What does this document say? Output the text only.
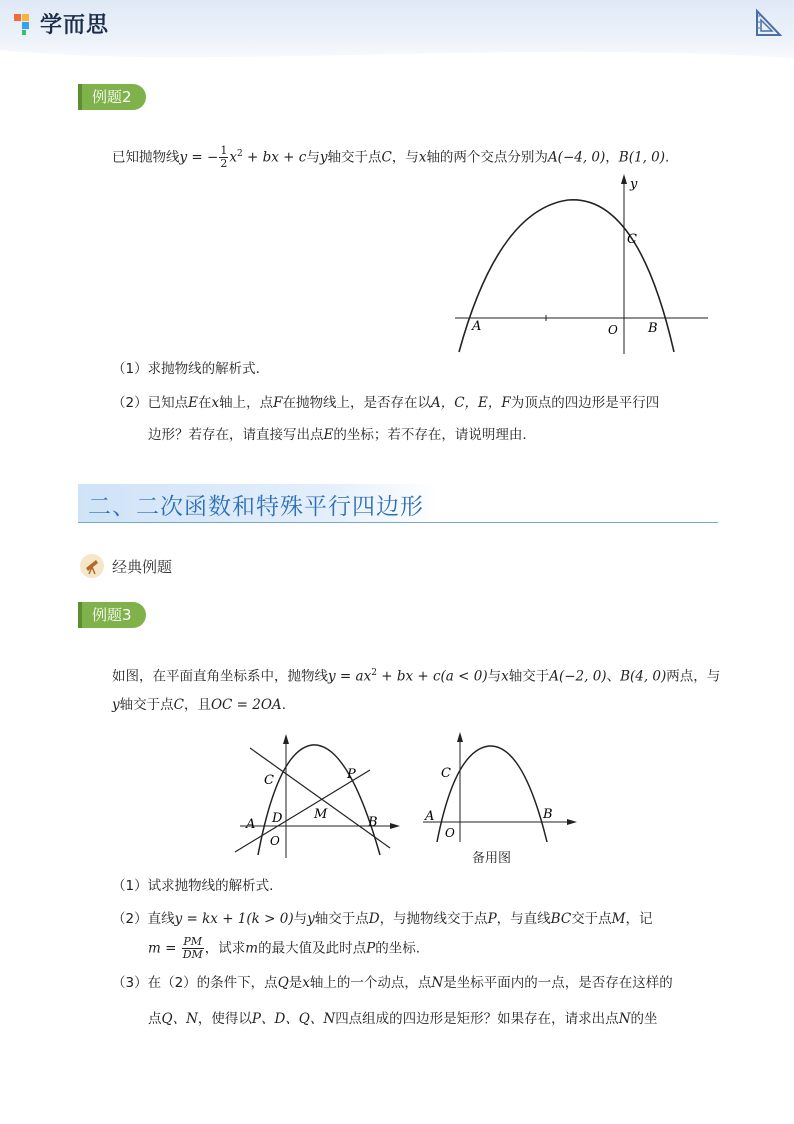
学而思
例题2
已知抛物线y = − $\frac{1}{2} x^2$ + bx + c与y轴交于点C，与x轴的两个交点分别为A(−4, 0)，B(1, 0).
y
C
A	O B
（1）求抛物线的解析式.
（2）已知点E在x轴上，点F在抛物线上，是否存在以A，C，E，F为顶点的四边形是平行四
边形？若存在，请直接写出点E的坐标；若不存在，请说明理由.
二、二次函数和特殊平行四边形
经典例题
例题3
如图，在平面直角坐标系中，抛物线$y = ax^2$ + bx + c(a < 0)与x轴交于A(−2, 0)、B(4, 0)两点，与
y轴交于点C，且OC = 2OA.
C	P
D M
A	B
O
C
A
O
B
备用图
（1）试求抛物线的解析式.
（2）直线y = kx + 1(k > 0)与y轴交于点D，与抛物线交于点P，与直线BC交于点M，记
$m = \frac{PM}{DM}$ ，试求m的最大值及此时点P的坐标.
（3）在（2）的条件下，点Q是x轴上的一个动点，点N是坐标平面内的一点，是否存在这样的
点Q、N，使得以P、D、Q、N四点组成的四边形是矩形？如果存在，请求出点N的坐
